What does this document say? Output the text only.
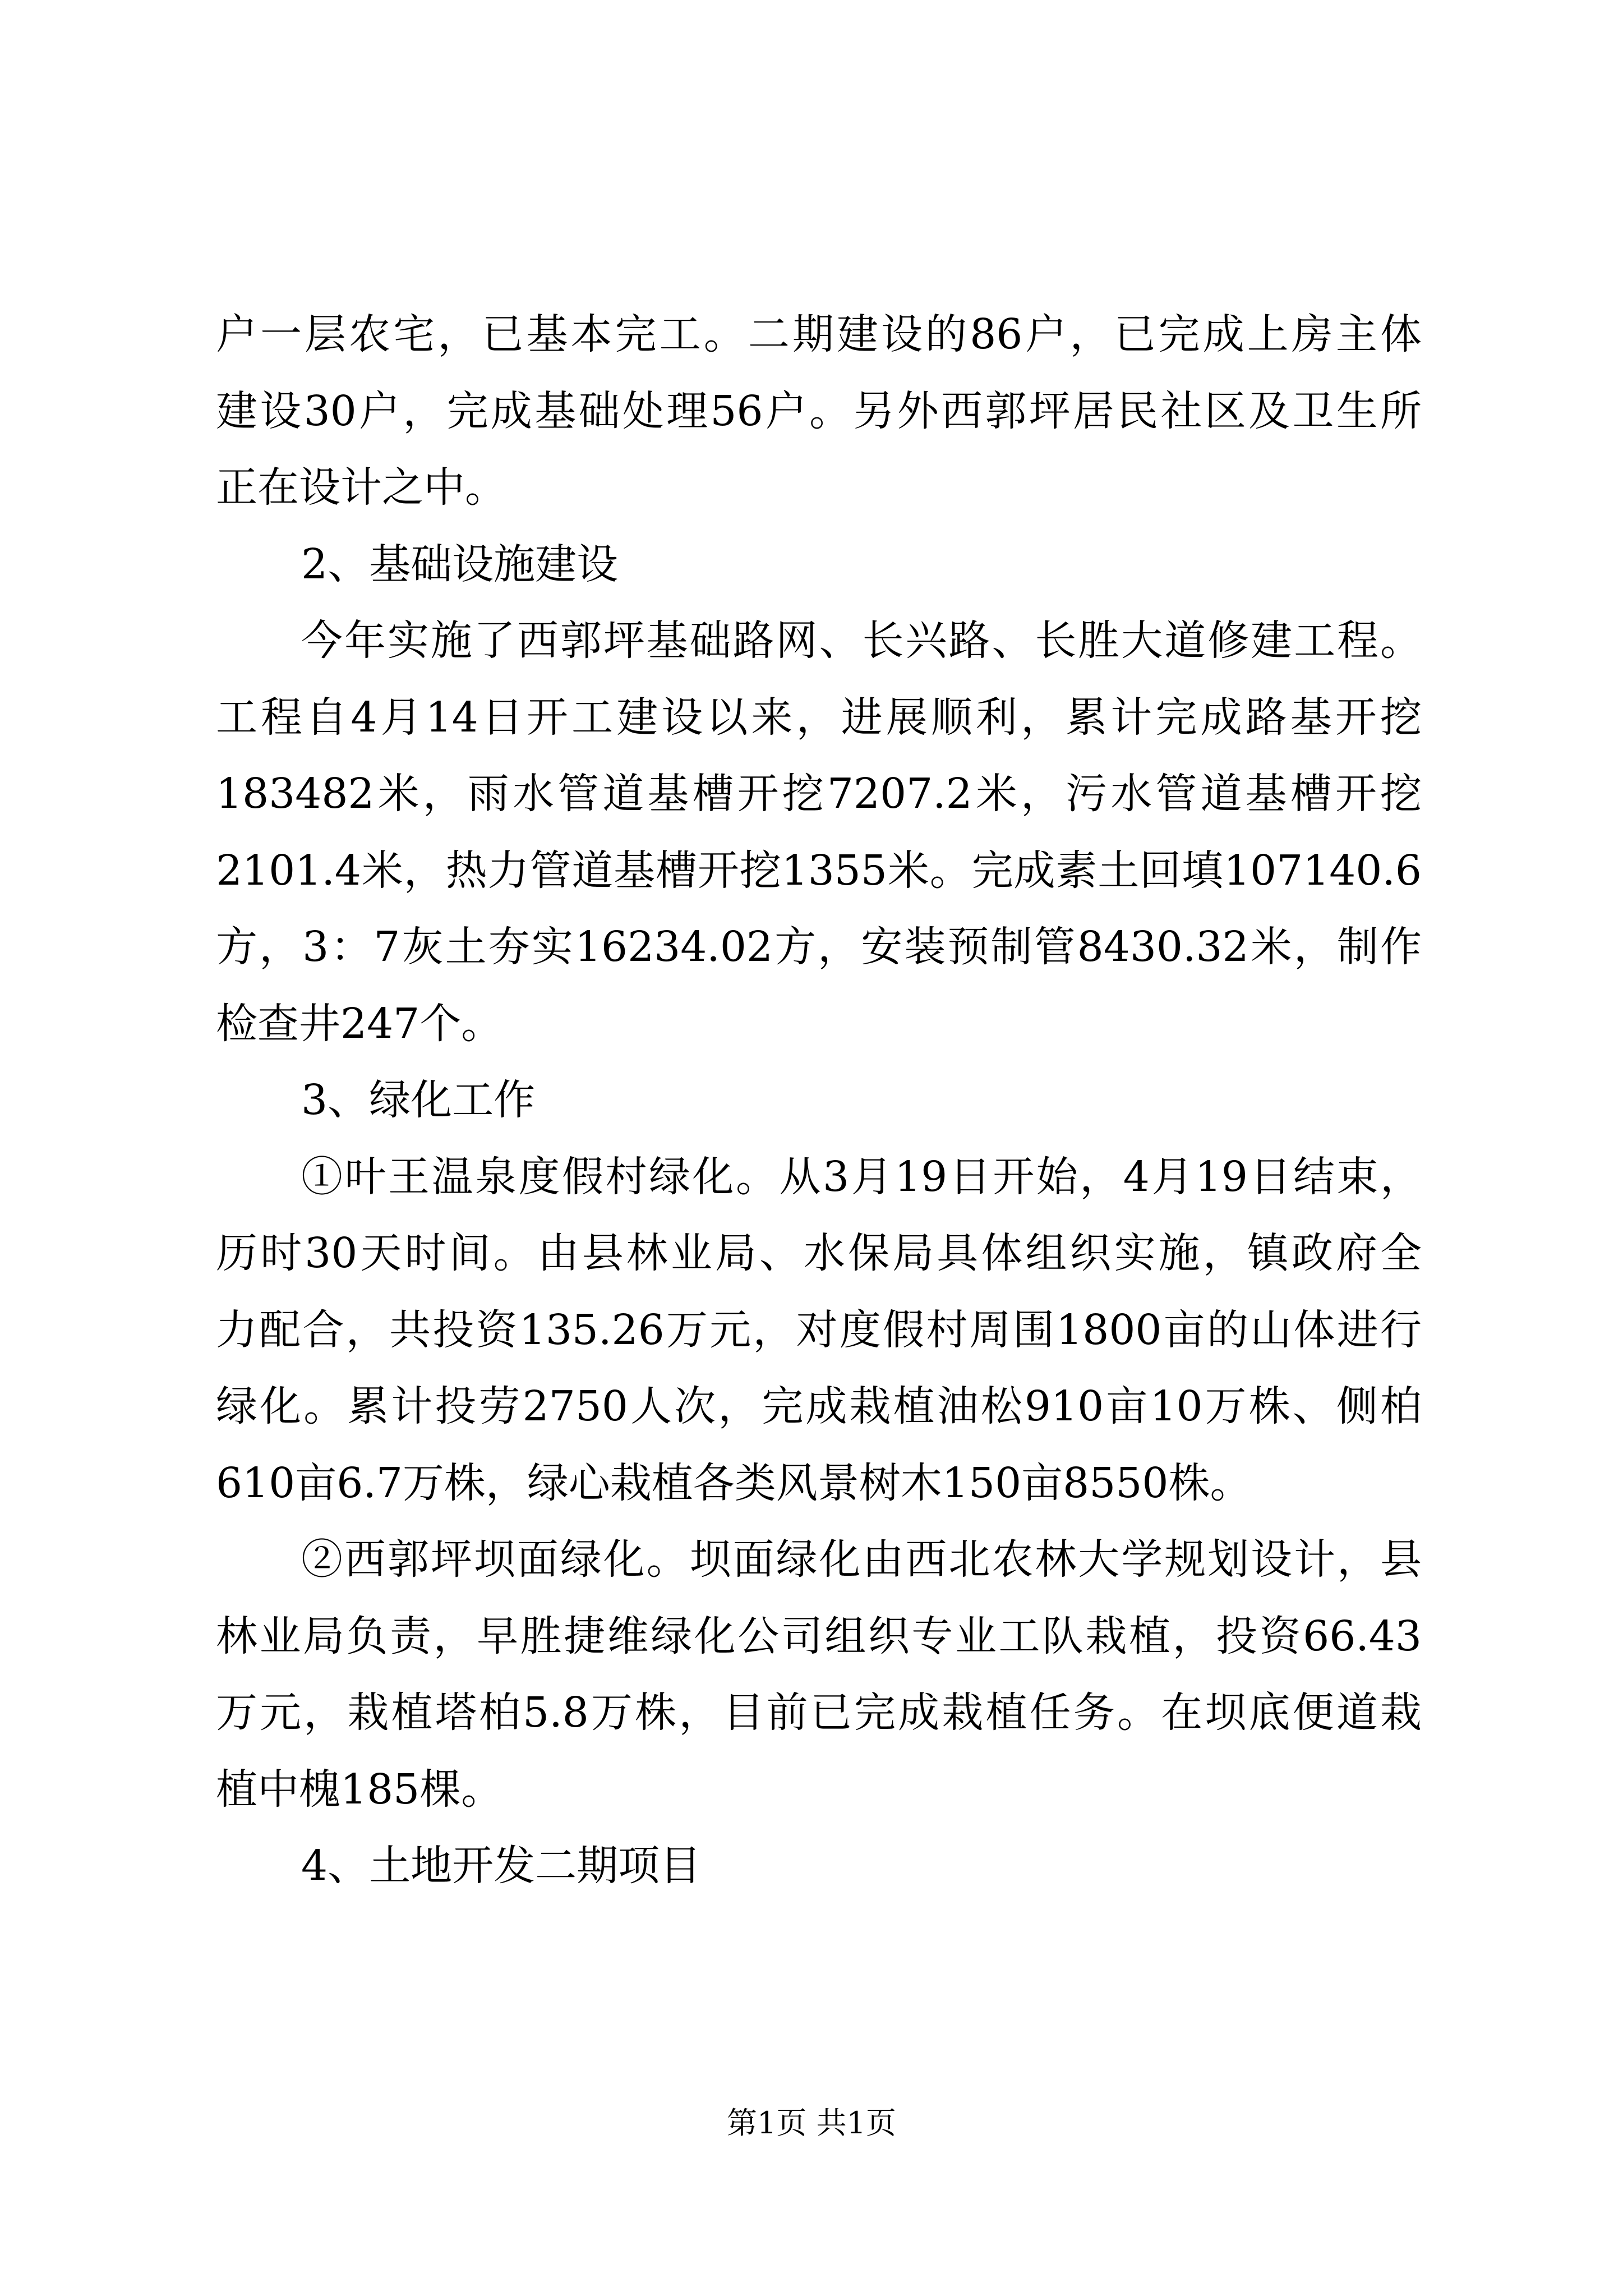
户一层农宅，已基本完工。二期建设的86户，已完成上房主体
建设30户，完成基础处理56户。另外西郭坪居民社区及卫生所
正在设计之中。
2、基础设施建设
今年实施了西郭坪基础路网、长兴路、长胜大道修建工程。
工程自4月14日开工建设以来，进展顺利，累计完成路基开挖
183482米，雨水管道基槽开挖7207.2米，污水管道基槽开挖
2101.4米，热力管道基槽开挖1355米。完成素土回填107140.6
方，3：7灰土夯实16234.02方，安装预制管8430.32米，制作
检查井247个。
3、绿化工作
①叶王温泉度假村绿化。从3月19日开始，4月19日结束，
历时30天时间。由县林业局、水保局具体组织实施，镇政府全
力配合，共投资135.26万元，对度假村周围1800亩的山体进行
绿化。累计投劳2750人次，完成栽植油松910亩10万株、侧柏
610亩6.7万株，绿心栽植各类风景树木150亩8550株。
②西郭坪坝面绿化。坝面绿化由西北农林大学规划设计，县
林业局负责，早胜捷维绿化公司组织专业工队栽植，投资66.43
万元，栽植塔柏5.8万株，目前已完成栽植任务。在坝底便道栽
植中槐185棵。
4、土地开发二期项目
第1页 共1页
